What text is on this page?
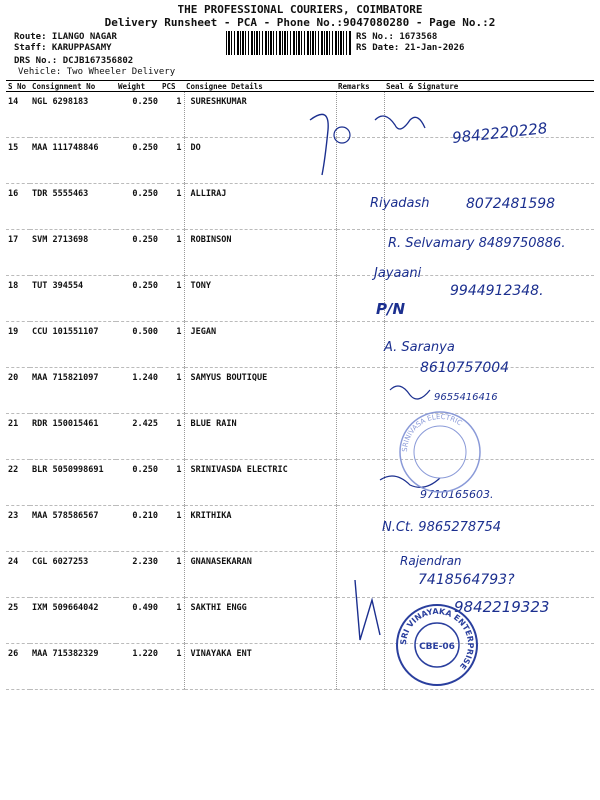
THE PROFESSIONAL COURIERS, COIMBATORE
Delivery Runsheet - PCA - Phone No.:9047080280 - Page No.:2
Route: ILANGO NAGAR
Staff: KARUPPASAMY
DRS No.: DCJB167356802
Vehicle: Two Wheeler Delivery
RS No.: 1673568
RS Date: 21-Jan-2026
S No	Consignment No	Weight	PCS	Consignee Details	Remarks	Seal & Signature
14	NGL 6298183	0.250	1	SURESHKUMAR		
15	MAA 111748846	0.250	1	DO		
16	TDR 5555463	0.250	1	ALLIRAJ		
17	SVM 2713698	0.250	1	ROBINSON		
18	TUT 394554	0.250	1	TONY		
19	CCU 101551107	0.500	1	JEGAN		
20	MAA 715821097	1.240	1	SAMYUS BOUTIQUE		
21	RDR 150015461	2.425	1	BLUE RAIN		
22	BLR 5050998691	0.250	1	SRINIVASDA ELECTRIC		
23	MAA 578586567	0.210	1	KRITHIKA		
24	CGL 6027253	2.230	1	GNANASEKARAN		
25	IXM 509664042	0.490	1	SAKTHI ENGG		
26	MAA 715382329	1.220	1	VINAYAKA ENT		
9842220228
Riyadash	8072481598
R. Selvamary 8489750886.
Jayaani
9944912348.
P/N
A. Saranya
8610757004
9655416416
9710165603.
N.Ct. 9865278754
Rajendran
7418564793?
9842219323
SRINIVASA ELECTRIC
SRI VINAYAKA ENTERPRISE
CBE-06
